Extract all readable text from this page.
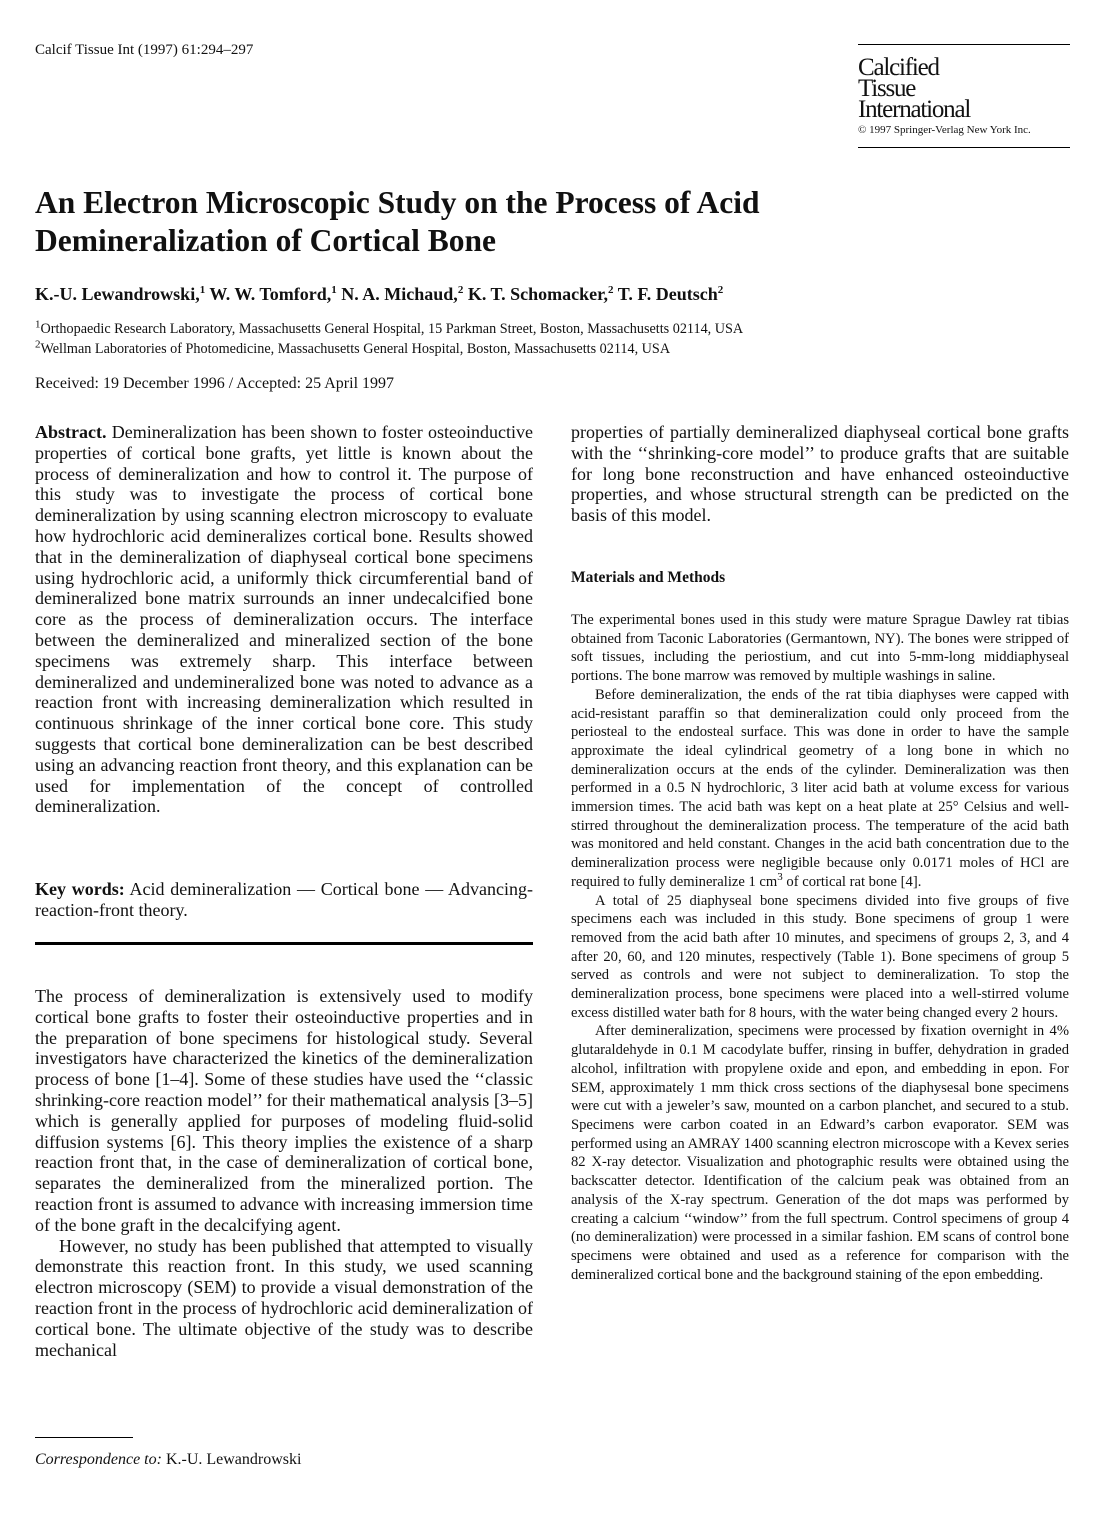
Calcif Tissue Int (1997) 61:294–297
Calcified
Tissue
International
© 1997 Springer-Verlag New York Inc.
An Electron Microscopic Study on the Process of Acid
Demineralization of Cortical Bone
K.-U. Lewandrowski,$^1$ W. W. Tomford,$^1$ N. A. Michaud,$^2$ K. T. Schomacker,$^2$ T. F. Deutsch$^2$
$^1$Orthopaedic Research Laboratory, Massachusetts General Hospital, 15 Parkman Street, Boston, Massachusetts 02114, USA
$^2$Wellman Laboratories of Photomedicine, Massachusetts General Hospital, Boston, Massachusetts 02114, USA
Received: 19 December 1996 / Accepted: 25 April 1997

Abstract. Demineralization has been shown to foster osteoinductive properties of cortical bone grafts, yet little is known about the process of demineralization and how to control it. The purpose of this study was to investigate the process of cortical bone demineralization by using scanning electron microscopy to evaluate how hydrochloric acid demineralizes cortical bone. Results showed that in the demineralization of diaphyseal cortical bone specimens using hydrochloric acid, a uniformly thick circumferential band of demineralized bone matrix surrounds an inner undecalcified bone core as the process of demineralization occurs. The interface between the demineralized and mineralized section of the bone specimens was extremely sharp. This interface between demineralized and undemineralized bone was noted to advance as a reaction front with increasing demineralization which resulted in continuous shrinkage of the inner cortical bone core. This study suggests that cortical bone demineralization can be best described using an advancing reaction front theory, and this explanation can be used for implementation of the concept of controlled demineralization.

Key words: Acid demineralization — Cortical bone — Advancing-reaction-front theory.

The process of demineralization is extensively used to modify cortical bone grafts to foster their osteoinductive properties and in the preparation of bone specimens for histological study. Several investigators have characterized the kinetics of the demineralization process of bone [1–4]. Some of these studies have used the ‘‘classic shrinking-core reaction model’’ for their mathematical analysis [3–5] which is generally applied for purposes of modeling fluid-solid diffusion systems [6]. This theory implies the existence of a sharp reaction front that, in the case of demineralization of cortical bone, separates the demineralized from the mineralized portion. The reaction front is assumed to advance with increasing immersion time of the bone graft in the decalcifying agent.

However, no study has been published that attempted to visually demonstrate this reaction front. In this study, we used scanning electron microscopy (SEM) to provide a visual demonstration of the reaction front in the process of hydrochloric acid demineralization of cortical bone. The ultimate objective of the study was to describe mechanical

Correspondence to: K.-U. Lewandrowski

properties of partially demineralized diaphyseal cortical bone grafts with the ‘‘shrinking-core model’’ to produce grafts that are suitable for long bone reconstruction and have enhanced osteoinductive properties, and whose structural strength can be predicted on the basis of this model.

Materials and Methods

The experimental bones used in this study were mature Sprague Dawley rat tibias obtained from Taconic Laboratories (Germantown, NY). The bones were stripped of soft tissues, including the periostium, and cut into 5-mm-long middiaphyseal portions. The bone marrow was removed by multiple washings in saline.

Before demineralization, the ends of the rat tibia diaphyses were capped with acid-resistant paraffin so that demineralization could only proceed from the periosteal to the endosteal surface. This was done in order to have the sample approximate the ideal cylindrical geometry of a long bone in which no demineralization occurs at the ends of the cylinder. Demineralization was then performed in a 0.5 N hydrochloric, 3 liter acid bath at volume excess for various immersion times. The acid bath was kept on a heat plate at 25° Celsius and well-stirred throughout the demineralization process. The temperature of the acid bath was monitored and held constant. Changes in the acid bath concentration due to the demineralization process were negligible because only 0.0171 moles of HCl are required to fully demineralize 1 $cm^3$ of cortical rat bone [4].

A total of 25 diaphyseal bone specimens divided into five groups of five specimens each was included in this study. Bone specimens of group 1 were removed from the acid bath after 10 minutes, and specimens of groups 2, 3, and 4 after 20, 60, and 120 minutes, respectively (Table 1). Bone specimens of group 5 served as controls and were not subject to demineralization. To stop the demineralization process, bone specimens were placed into a well-stirred volume excess distilled water bath for 8 hours, with the water being changed every 2 hours.

After demineralization, specimens were processed by fixation overnight in 4% glutaraldehyde in 0.1 M cacodylate buffer, rinsing in buffer, dehydration in graded alcohol, infiltration with propylene oxide and epon, and embedding in epon. For SEM, approximately 1 mm thick cross sections of the diaphysesal bone specimens were cut with a jeweler’s saw, mounted on a carbon planchet, and secured to a stub. Specimens were carbon coated in an Edward’s carbon evaporator. SEM was performed using an AMRAY 1400 scanning electron microscope with a Kevex series 82 X-ray detector. Visualization and photographic results were obtained using the backscatter detector. Identification of the calcium peak was obtained from an analysis of the X-ray spectrum. Generation of the dot maps was performed by creating a calcium ‘‘window’’ from the full spectrum. Control specimens of group 4 (no demineralization) were processed in a similar fashion. EM scans of control bone specimens were obtained and used as a reference for comparison with the demineralized cortical bone and the background staining of the epon embedding.
